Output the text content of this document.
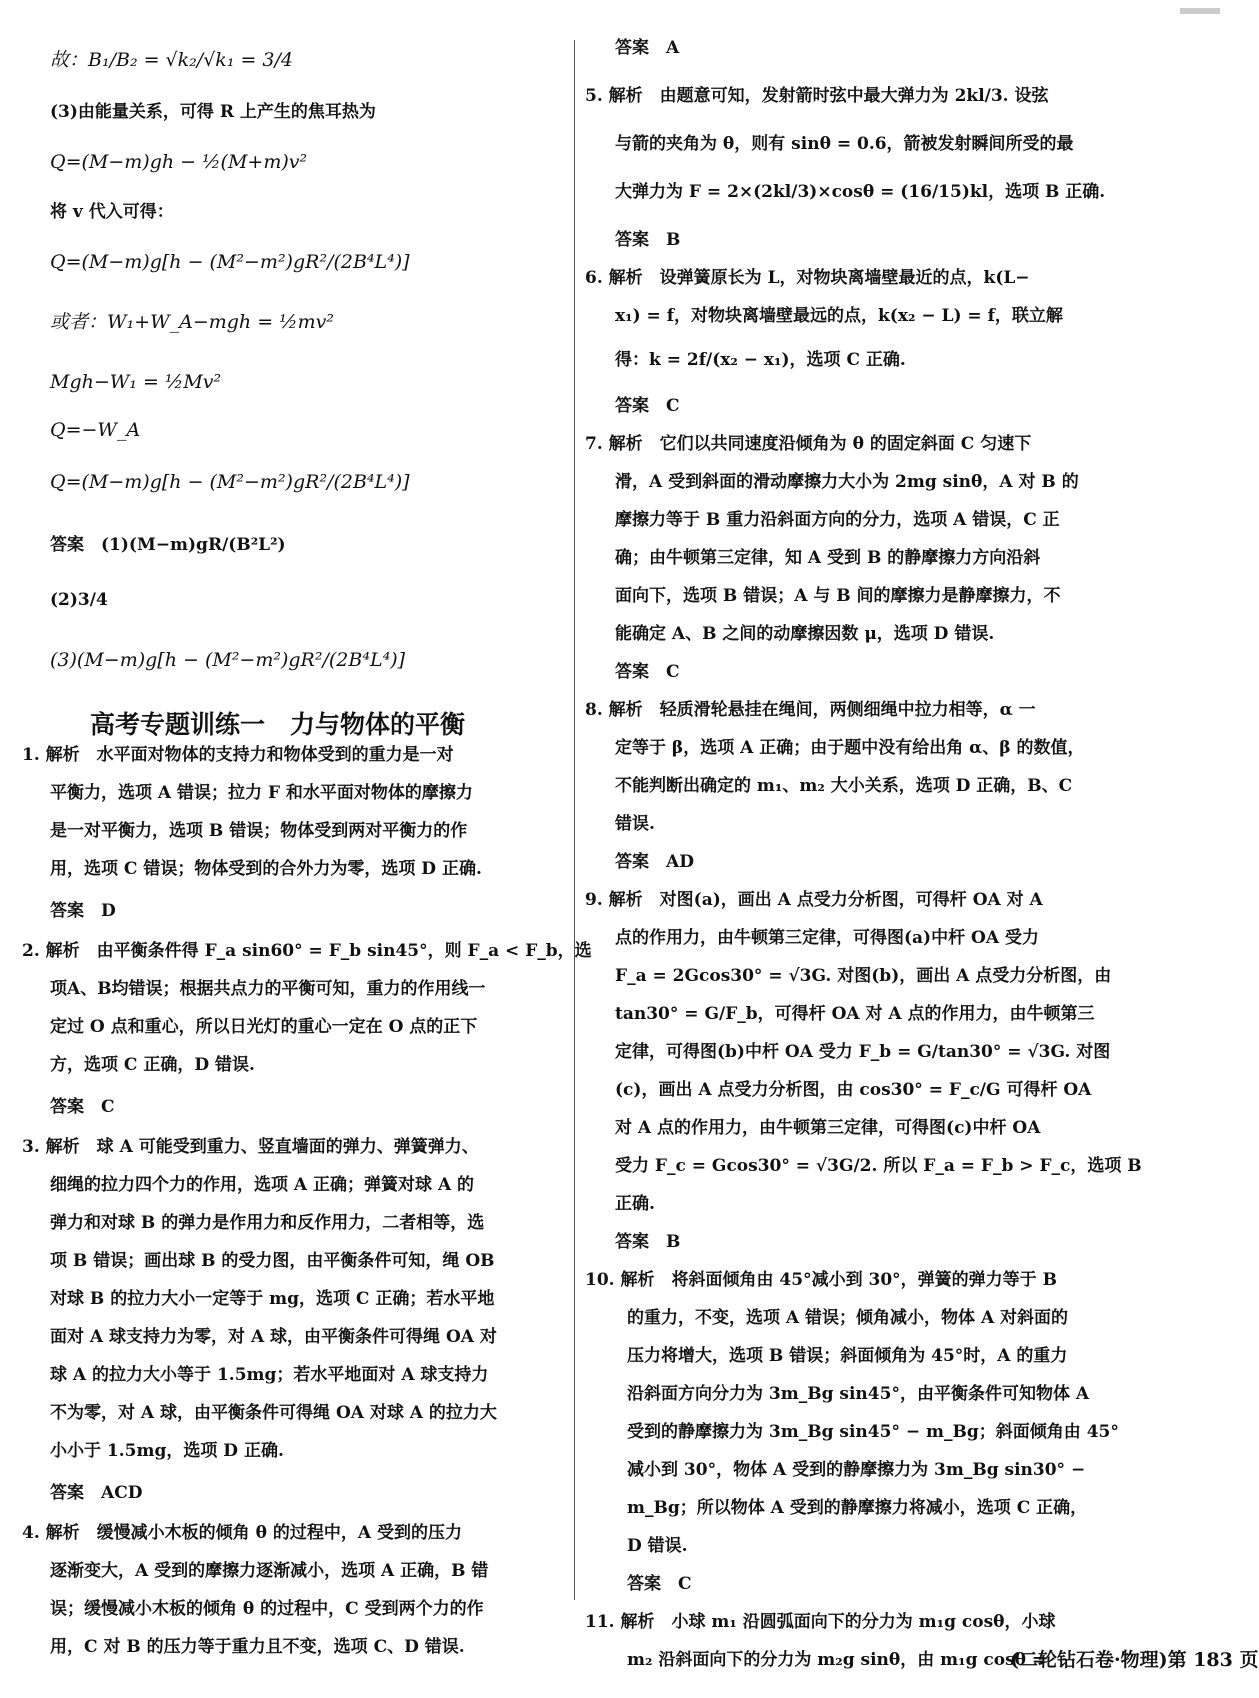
故：B₁/B₂ = √k₂/√k₁ = 3/4
(3)由能量关系，可得 R 上产生的焦耳热为
Q=(M−m)gh − ½(M+m)v²
将 v 代入可得：
Q=(M−m)g[h − (M²−m²)gR²/(2B⁴L⁴)]
或者：W₁+W_A−mgh = ½mv²
Mgh−W₁ = ½Mv²
Q=−W_A
Q=(M−m)g[h − (M²−m²)gR²/(2B⁴L⁴)]
答案　(1)(M−m)gR/(B²L²)
(2)3/4
(3)(M−m)g[h − (M²−m²)gR²/(2B⁴L⁴)]
1. 解析　水平面对物体的支持力和物体受到的重力是一对
平衡力，选项 A 错误；拉力 F 和水平面对物体的摩擦力
是一对平衡力，选项 B 错误；物体受到两对平衡力的作
用，选项 C 错误；物体受到的合外力为零，选项 D 正确.
答案　D
2. 解析　由平衡条件得 F_a sin60° = F_b sin45°，则 F_a < F_b，选
项A、B均错误；根据共点力的平衡可知，重力的作用线一
定过 O 点和重心，所以日光灯的重心一定在 O 点的正下
方，选项 C 正确，D 错误.
答案　C
3. 解析　球 A 可能受到重力、竖直墙面的弹力、弹簧弹力、
细绳的拉力四个力的作用，选项 A 正确；弹簧对球 A 的
弹力和对球 B 的弹力是作用力和反作用力，二者相等，选
项 B 错误；画出球 B 的受力图，由平衡条件可知，绳 OB
对球 B 的拉力大小一定等于 mg，选项 C 正确；若水平地
面对 A 球支持力为零，对 A 球，由平衡条件可得绳 OA 对
球 A 的拉力大小等于 1.5mg；若水平地面对 A 球支持力
不为零，对 A 球，由平衡条件可得绳 OA 对球 A 的拉力大
小小于 1.5mg，选项 D 正确.
答案　ACD
4. 解析　缓慢减小木板的倾角 θ 的过程中，A 受到的压力
逐渐变大，A 受到的摩擦力逐渐减小，选项 A 正确，B 错
误；缓慢减小木板的倾角 θ 的过程中，C 受到两个力的作
用，C 对 B 的压力等于重力且不变，选项 C、D 错误.
高考专题训练一　力与物体的平衡
答案　A
5. 解析　由题意可知，发射箭时弦中最大弹力为 2kl/3. 设弦
与箭的夹角为 θ，则有 sinθ = 0.6，箭被发射瞬间所受的最
大弹力为 F = 2×(2kl/3)×cosθ = (16/15)kl，选项 B 正确.
答案　B
6. 解析　设弹簧原长为 L，对物块离墙壁最近的点，k(L−
x₁) = f，对物块离墙壁最远的点，k(x₂ − L) = f，联立解
得：k = 2f/(x₂ − x₁)，选项 C 正确.
答案　C
7. 解析　它们以共同速度沿倾角为 θ 的固定斜面 C 匀速下
滑，A 受到斜面的滑动摩擦力大小为 2mg sinθ，A 对 B 的
摩擦力等于 B 重力沿斜面方向的分力，选项 A 错误，C 正
确；由牛顿第三定律，知 A 受到 B 的静摩擦力方向沿斜
面向下，选项 B 错误；A 与 B 间的摩擦力是静摩擦力，不
能确定 A、B 之间的动摩擦因数 μ，选项 D 错误.
答案　C
8. 解析　轻质滑轮悬挂在绳间，两侧细绳中拉力相等，α 一
定等于 β，选项 A 正确；由于题中没有给出角 α、β 的数值，
不能判断出确定的 m₁、m₂ 大小关系，选项 D 正确，B、C
错误.
答案　AD
9. 解析　对图(a)，画出 A 点受力分析图，可得杆 OA 对 A
点的作用力，由牛顿第三定律，可得图(a)中杆 OA 受力
F_a = 2Gcos30° = √3G. 对图(b)，画出 A 点受力分析图，由
tan30° = G/F_b，可得杆 OA 对 A 点的作用力，由牛顿第三
定律，可得图(b)中杆 OA 受力 F_b = G/tan30° = √3G. 对图
(c)，画出 A 点受力分析图，由 cos30° = F_c/G 可得杆 OA
对 A 点的作用力，由牛顿第三定律，可得图(c)中杆 OA
受力 F_c = Gcos30° = √3G/2. 所以 F_a = F_b > F_c，选项 B
正确.
答案　B
10. 解析　将斜面倾角由 45°减小到 30°，弹簧的弹力等于 B
的重力，不变，选项 A 错误；倾角减小，物体 A 对斜面的
压力将增大，选项 B 错误；斜面倾角为 45°时，A 的重力
沿斜面方向分力为 3m_Bg sin45°，由平衡条件可知物体 A
受到的静摩擦力为 3m_Bg sin45° − m_Bg；斜面倾角由 45°
减小到 30°，物体 A 受到的静摩擦力为 3m_Bg sin30° −
m_Bg；所以物体 A 受到的静摩擦力将减小，选项 C 正确，
D 错误.
答案　C
11. 解析　小球 m₁ 沿圆弧面向下的分力为 m₁g cosθ，小球
m₂ 沿斜面向下的分力为 m₂g sinθ，由 m₁g cosθ =
(二轮钻石卷·物理)第 183 页
